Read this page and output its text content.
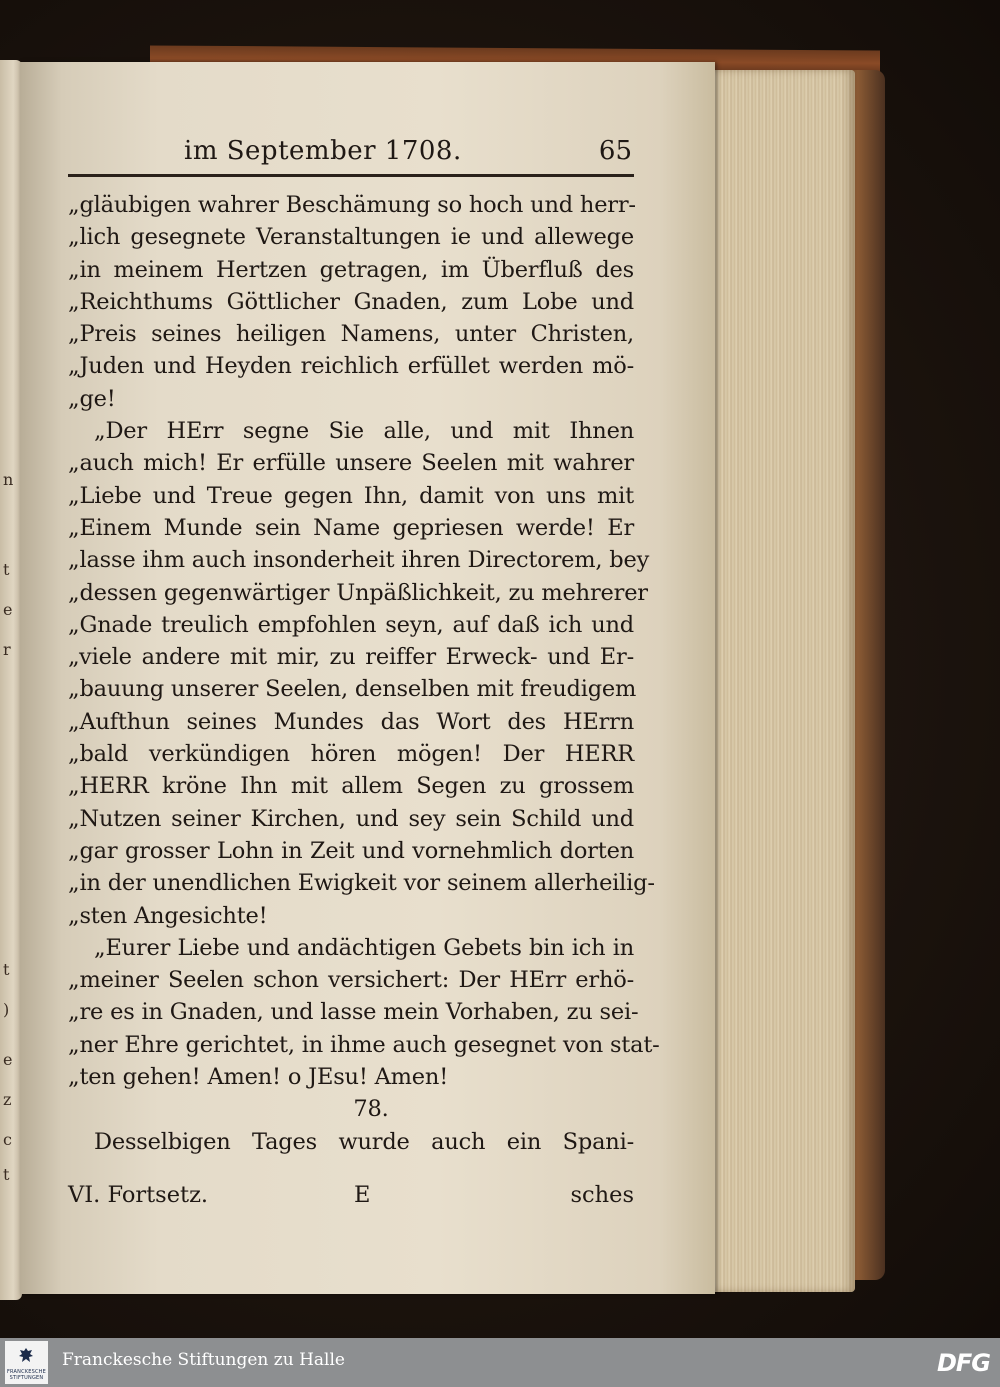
n
t
e
r
t
)
e
z
c
t
im September 1708.	65
„gläubigen wahrer Beschämung so hoch und herr-
„lich gesegnete Veranstaltungen ie und allewege
„in meinem Hertzen getragen, im Überfluß des
„Reichthums Göttlicher Gnaden, zum Lobe und
„Preis seines heiligen Namens, unter Christen,
„Juden und Heyden reichlich erfüllet werden mö-
„ge!
„Der HErr segne Sie alle, und mit Ihnen
„auch mich! Er erfülle unsere Seelen mit wahrer
„Liebe und Treue gegen Ihn, damit von uns mit
„Einem Munde sein Name gepriesen werde! Er
„lasse ihm auch insonderheit ihren Directorem, bey
„dessen gegenwärtiger Unpäßlichkeit, zu mehrerer
„Gnade treulich empfohlen seyn, auf daß ich und
„viele andere mit mir, zu reiffer Erweck- und Er-
„bauung unserer Seelen, denselben mit freudigem
„Aufthun seines Mundes das Wort des HErrn
„bald verkündigen hören mögen! Der HERR
„HERR kröne Ihn mit allem Segen zu grossem
„Nutzen seiner Kirchen, und sey sein Schild und
„gar grosser Lohn in Zeit und vornehmlich dorten
„in der unendlichen Ewigkeit vor seinem allerheilig-
„sten Angesichte!
„Eurer Liebe und andächtigen Gebets bin ich in
„meiner Seelen schon versichert: Der HErr erhö-
„re es in Gnaden, und lasse mein Vorhaben, zu sei-
„ner Ehre gerichtet, in ihme auch gesegnet von stat-
„ten gehen! Amen! o JEsu! Amen!
78.
Desselbigen Tages wurde auch ein Spani-
VI. Fortsetz.	E	sches
FRANCKESCHE
STIFTUNGEN
Franckesche Stiftungen zu Halle	DFG
